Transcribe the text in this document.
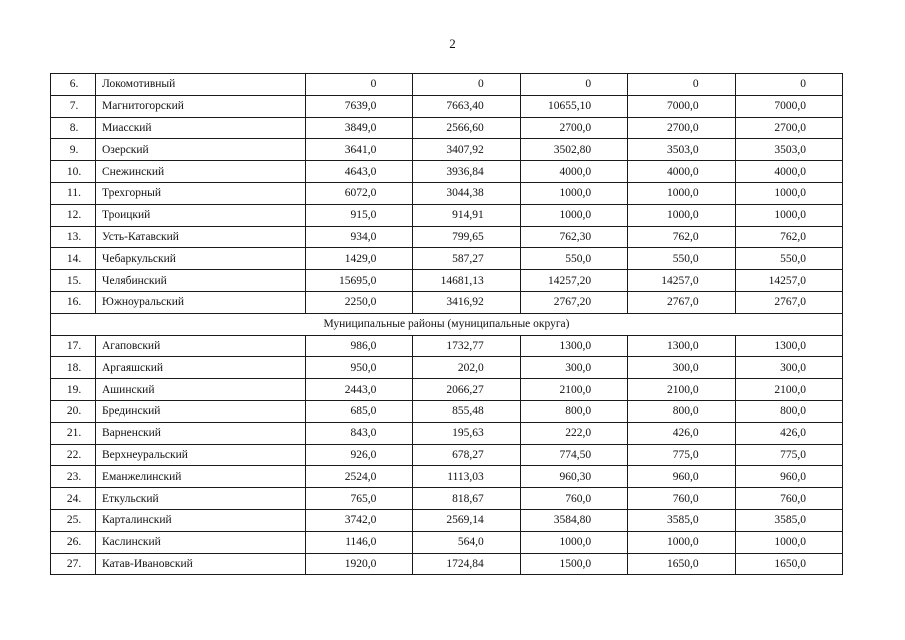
2
6.	Локомотивный	0	0	0	0	0
7.	Магнитогорский	7639,0	7663,40	10655,10	7000,0	7000,0
8.	Миасский	3849,0	2566,60	2700,0	2700,0	2700,0
9.	Озерский	3641,0	3407,92	3502,80	3503,0	3503,0
10.	Снежинский	4643,0	3936,84	4000,0	4000,0	4000,0
11.	Трехгорный	6072,0	3044,38	1000,0	1000,0	1000,0
12.	Троицкий	915,0	914,91	1000,0	1000,0	1000,0
13.	Усть-Катавский	934,0	799,65	762,30	762,0	762,0
14.	Чебаркульский	1429,0	587,27	550,0	550,0	550,0
15.	Челябинский	15695,0	14681,13	14257,20	14257,0	14257,0
16.	Южноуральский	2250,0	3416,92	2767,20	2767,0	2767,0
Муниципальные районы (муниципальные округа)						
17.	Агаповский	986,0	1732,77	1300,0	1300,0	1300,0
18.	Аргаяшский	950,0	202,0	300,0	300,0	300,0
19.	Ашинский	2443,0	2066,27	2100,0	2100,0	2100,0
20.	Брединский	685,0	855,48	800,0	800,0	800,0
21.	Варненский	843,0	195,63	222,0	426,0	426,0
22.	Верхнеуральский	926,0	678,27	774,50	775,0	775,0
23.	Еманжелинский	2524,0	1113,03	960,30	960,0	960,0
24.	Еткульский	765,0	818,67	760,0	760,0	760,0
25.	Карталинский	3742,0	2569,14	3584,80	3585,0	3585,0
26.	Каслинский	1146,0	564,0	1000,0	1000,0	1000,0
27.	Катав-Ивановский	1920,0	1724,84	1500,0	1650,0	1650,0
